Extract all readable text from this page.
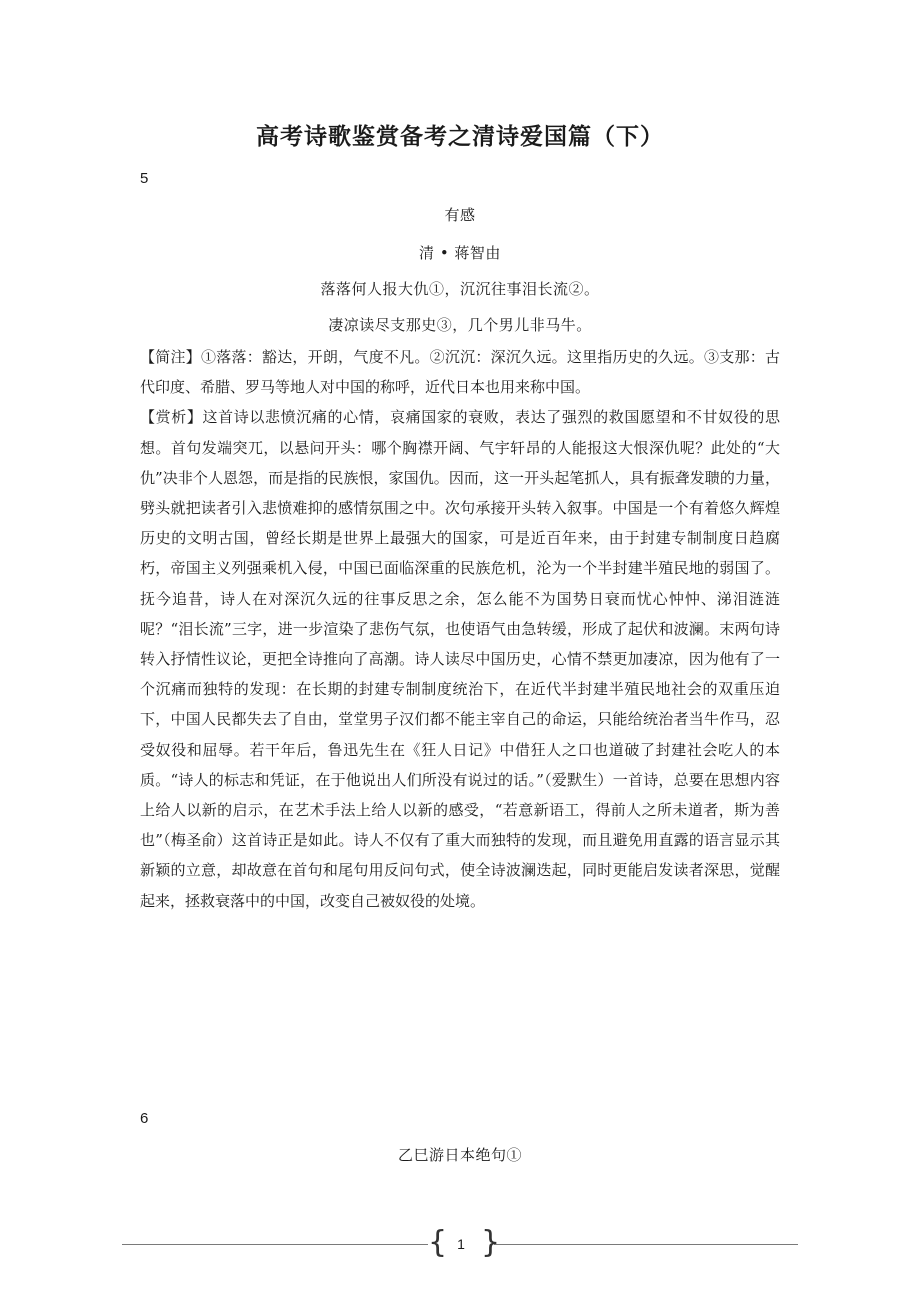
高考诗歌鉴赏备考之清诗爱国篇（下）
5
有感
清 • 蒋智由
落落何人报大仇①，沉沉往事泪长流②。
凄凉读尽支那史③，几个男儿非马牛。

【简注】①落落：豁达，开朗，气度不凡。②沉沉：深沉久远。这里指历史的久远。③支那：古代印度、希腊、罗马等地人对中国的称呼，近代日本也用来称中国。

【赏析】这首诗以悲愤沉痛的心情，哀痛国家的衰败，表达了强烈的救国愿望和不甘奴役的思想。首句发端突兀，以悬问开头：哪个胸襟开阔、气宇轩昂的人能报这大恨深仇呢？此处的“大仇”决非个人恩怨，而是指的民族恨，家国仇。因而，这一开头起笔抓人，具有振聋发聩的力量，劈头就把读者引入悲愤难抑的感情氛围之中。次句承接开头转入叙事。中国是一个有着悠久辉煌历史的文明古国，曾经长期是世界上最强大的国家，可是近百年来，由于封建专制制度日趋腐朽，帝国主义列强乘机入侵，中国已面临深重的民族危机，沦为一个半封建半殖民地的弱国了。抚今追昔，诗人在对深沉久远的往事反思之余，怎么能不为国势日衰而忧心忡忡、涕泪涟涟呢？“泪长流”三字，进一步渲染了悲伤气氛，也使语气由急转缓，形成了起伏和波澜。末两句诗转入抒情性议论，更把全诗推向了高潮。诗人读尽中国历史，心情不禁更加凄凉，因为他有了一个沉痛而独特的发现：在长期的封建专制制度统治下，在近代半封建半殖民地社会的双重压迫下，中国人民都失去了自由，堂堂男子汉们都不能主宰自己的命运，只能给统治者当牛作马，忍受奴役和屈辱。若干年后，鲁迅先生在《狂人日记》中借狂人之口也道破了封建社会吃人的本质。“诗人的标志和凭证，在于他说出人们所没有说过的话。”（爱默生）一首诗，总要在思想内容上给人以新的启示，在艺术手法上给人以新的感受，“若意新语工，得前人之所未道者，斯为善也”（梅圣俞）这首诗正是如此。诗人不仅有了重大而独特的发现，而且避免用直露的语言显示其新颖的立意，却故意在首句和尾句用反问句式，使全诗波澜迭起，同时更能启发读者深思，觉醒起来，拯救衰落中的中国，改变自己被奴役的处境。

6
乙巳游日本绝句①
{ 1 }
